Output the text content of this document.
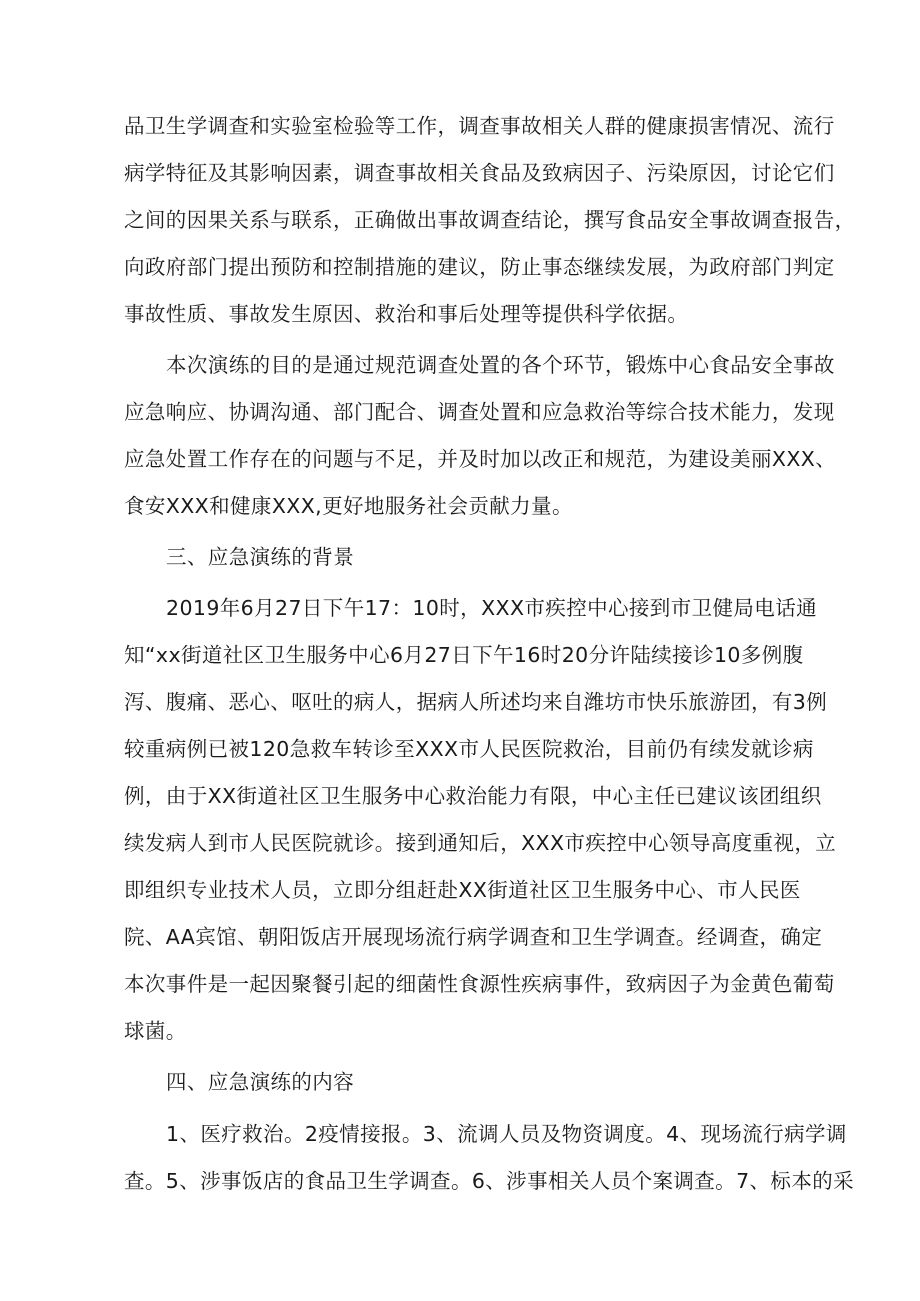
品卫生学调查和实验室检验等工作，调查事故相关人群的健康损害情况、流行
病学特征及其影响因素，调查事故相关食品及致病因子、污染原因，讨论它们
之间的因果关系与联系，正确做出事故调查结论，撰写食品安全事故调查报告，
向政府部门提出预防和控制措施的建议，防止事态继续发展，为政府部门判定
事故性质、事故发生原因、救治和事后处理等提供科学依据。
本次演练的目的是通过规范调查处置的各个环节，锻炼中心食品安全事故
应急响应、协调沟通、部门配合、调查处置和应急救治等综合技术能力，发现
应急处置工作存在的问题与不足，并及时加以改正和规范，为建设美丽XXX、
食安XXX和健康XXX,更好地服务社会贡献力量。
三、应急演练的背景
2019年6月27日下午17：10时，XXX市疾控中心接到市卫健局电话通
知“xx街道社区卫生服务中心6月27日下午16时20分许陆续接诊10多例腹
泻、腹痛、恶心、呕吐的病人，据病人所述均来自潍坊市快乐旅游团，有3例
较重病例已被120急救车转诊至XXX市人民医院救治，目前仍有续发就诊病
例，由于XX街道社区卫生服务中心救治能力有限，中心主任已建议该团组织
续发病人到市人民医院就诊。接到通知后，XXX市疾控中心领导高度重视，立
即组织专业技术人员，立即分组赶赴XX街道社区卫生服务中心、市人民医
院、AA宾馆、朝阳饭店开展现场流行病学调查和卫生学调查。经调查，确定
本次事件是一起因聚餐引起的细菌性食源性疾病事件，致病因子为金黄色葡萄
球菌。
四、应急演练的内容
1、医疗救治。2疫情接报。3、流调人员及物资调度。4、现场流行病学调
查。5、涉事饭店的食品卫生学调查。6、涉事相关人员个案调查。7、标本的采
